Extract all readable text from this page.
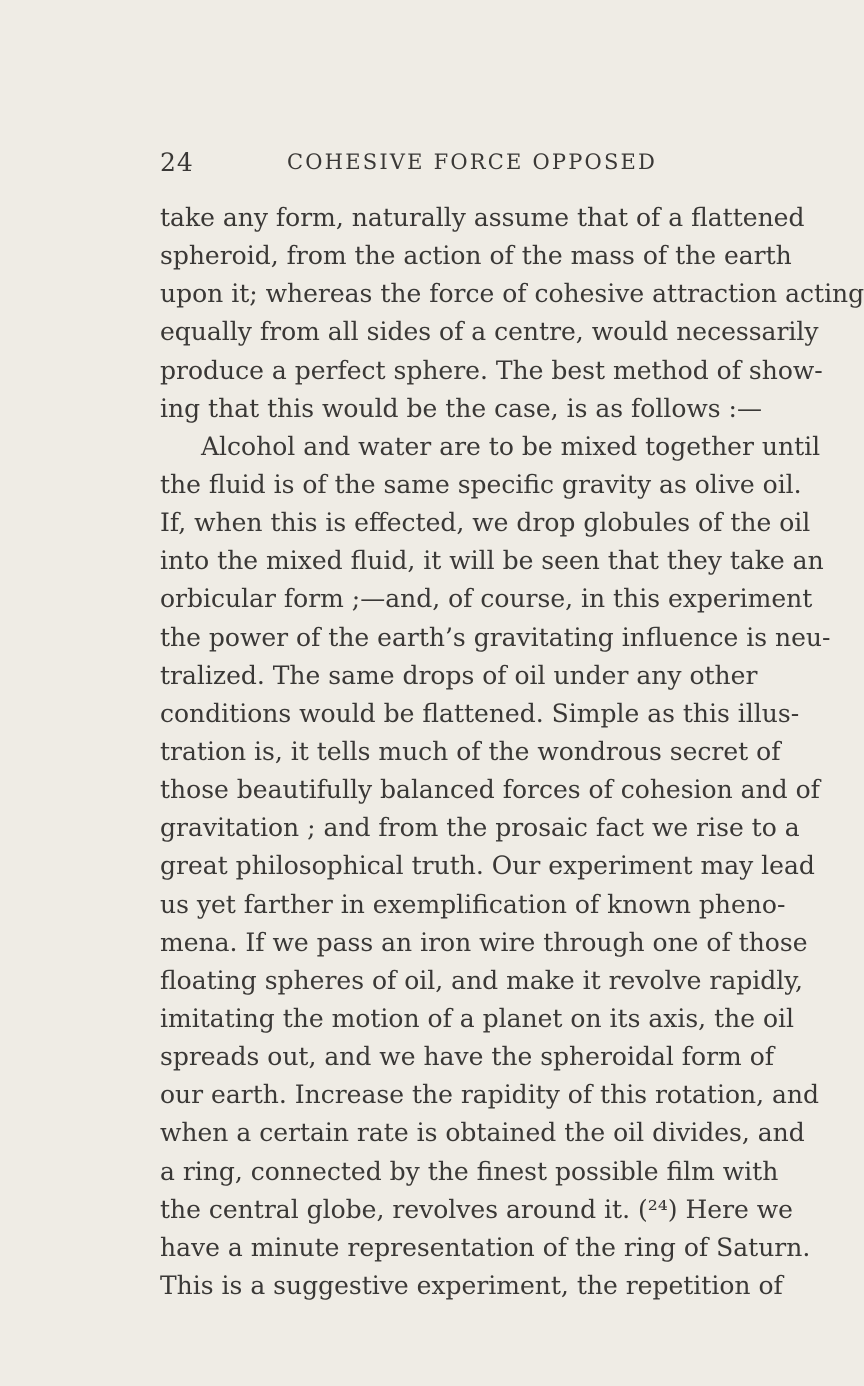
24	COHESIVE FORCE OPPOSED
take any form, naturally assume that of a flattened
spheroid, from the action of the mass of the earth
upon it; whereas the force of cohesive attraction acting
equally from all sides of a centre, would necessarily
produce a perfect sphere. The best method of show-
ing that this would be the case, is as follows :—
Alcohol and water are to be mixed together until
the fluid is of the same specific gravity as olive oil.
If, when this is effected, we drop globules of the oil
into the mixed fluid, it will be seen that they take an
orbicular form ;—and, of course, in this experiment
the power of the earth’s gravitating influence is neu-
tralized. The same drops of oil under any other
conditions would be flattened. Simple as this illus-
tration is, it tells much of the wondrous secret of
those beautifully balanced forces of cohesion and of
gravitation ; and from the prosaic fact we rise to a
great philosophical truth. Our experiment may lead
us yet farther in exemplification of known pheno-
mena. If we pass an iron wire through one of those
floating spheres of oil, and make it revolve rapidly,
imitating the motion of a planet on its axis, the oil
spreads out, and we have the spheroidal form of
our earth. Increase the rapidity of this rotation, and
when a certain rate is obtained the oil divides, and
a ring, connected by the finest possible film with
the central globe, revolves around it. (²⁴) Here we
have a minute representation of the ring of Saturn.
This is a suggestive experiment, the repetition of
